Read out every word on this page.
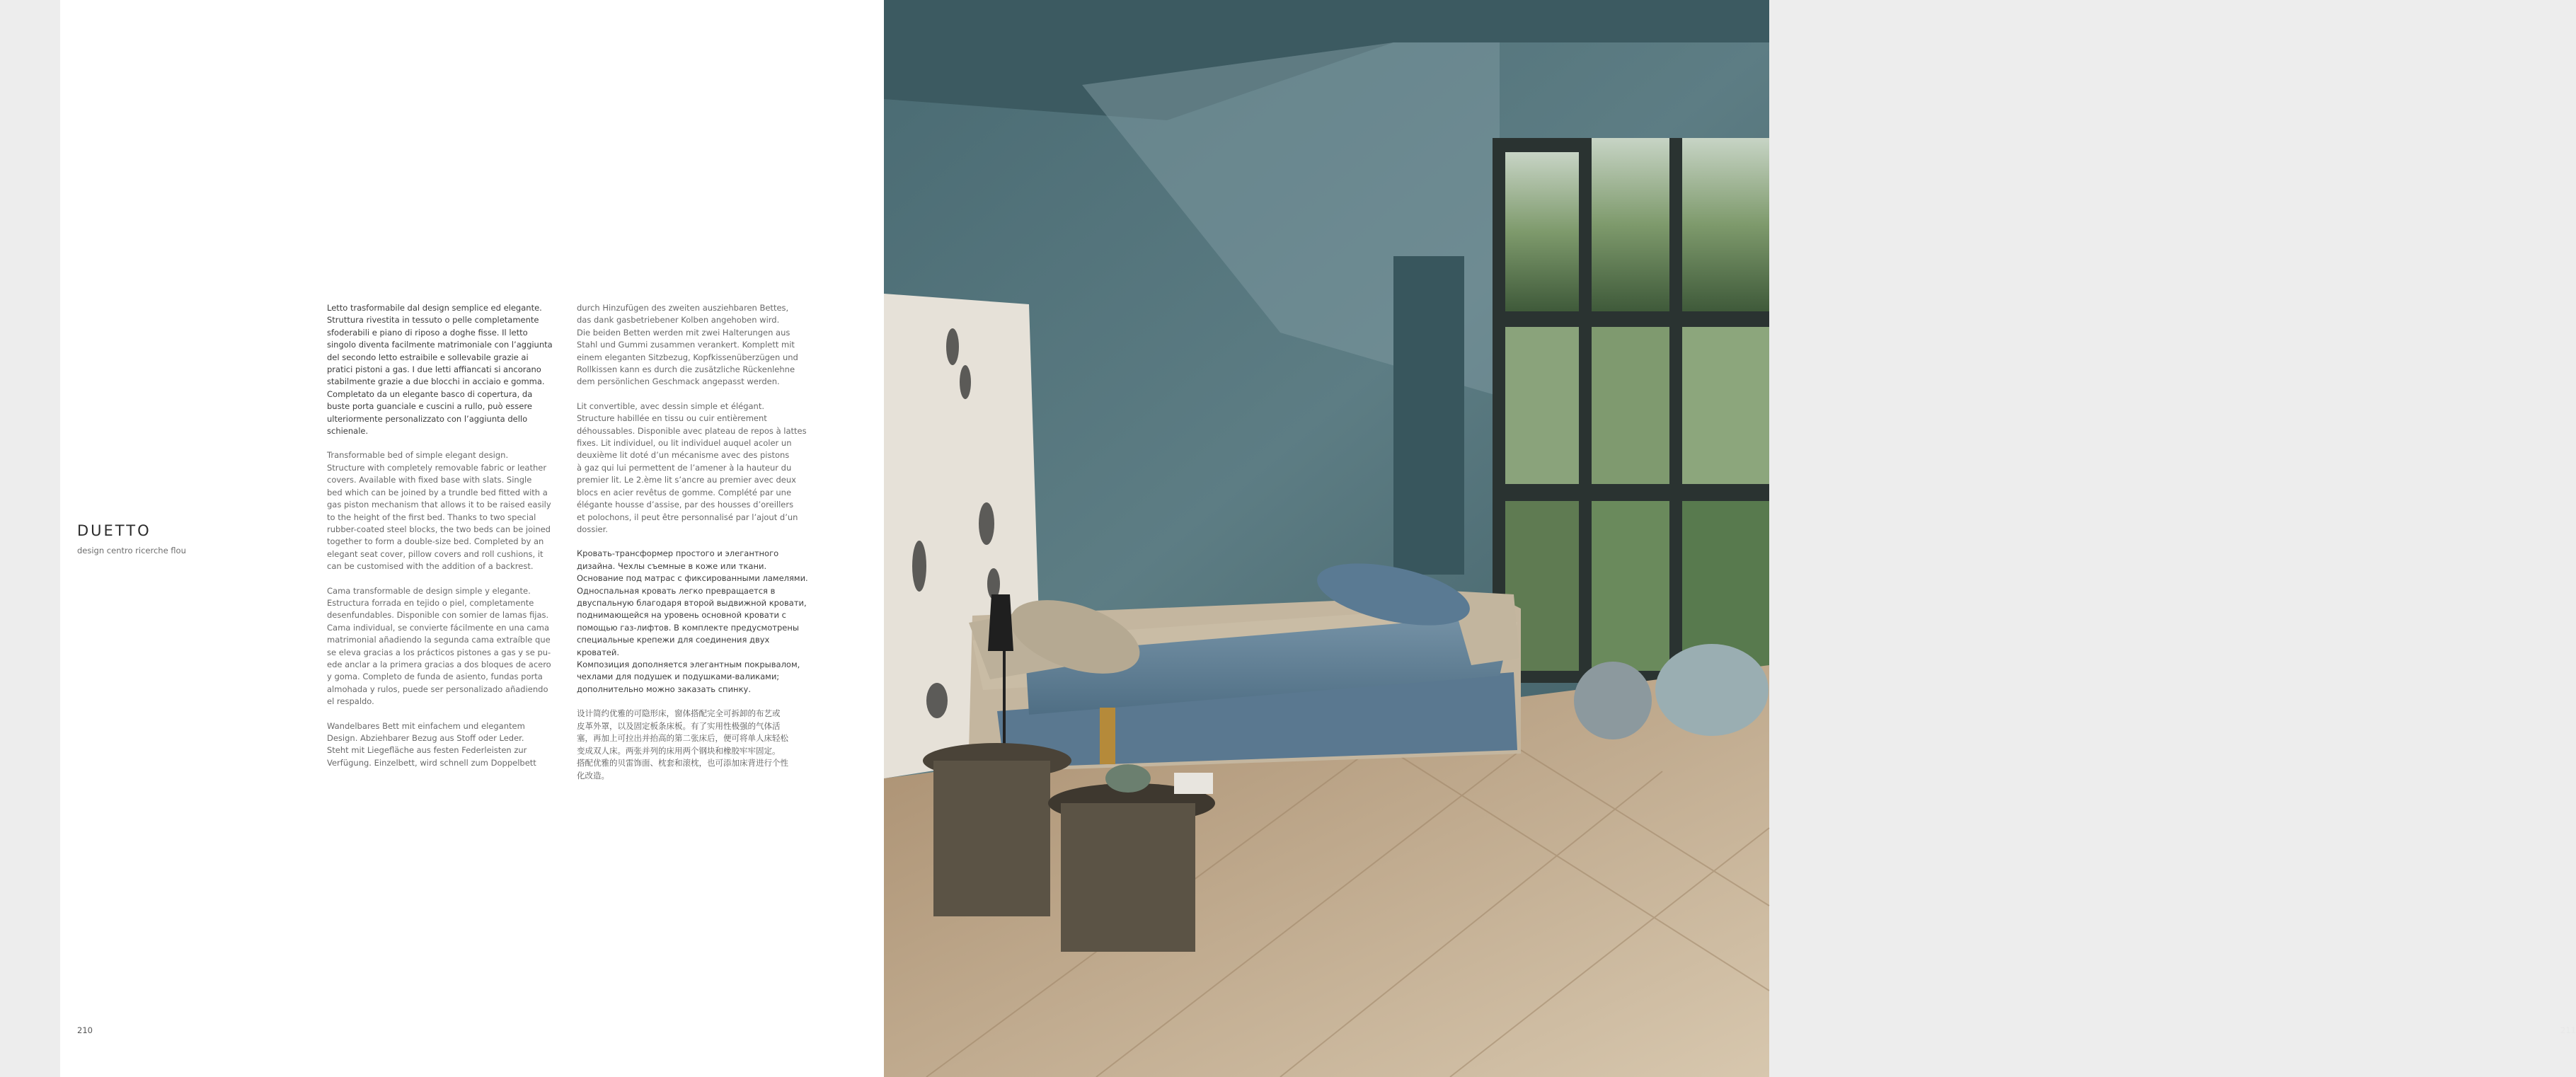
DUETTO
design centro ricerche flou

Letto trasformabile dal design semplice ed elegante.
Struttura rivestita in tessuto o pelle completamente
sfoderabili e piano di riposo a doghe fisse. Il letto
singolo diventa facilmente matrimoniale con l’aggiunta
del secondo letto estraibile e sollevabile grazie ai
pratici pistoni a gas. I due letti affiancati si ancorano
stabilmente grazie a due blocchi in acciaio e gomma.
Completato da un elegante basco di copertura, da
buste porta guanciale e cuscini a rullo, può essere
ulteriormente personalizzato con l’aggiunta dello
schienale.

Transformable bed of simple elegant design.
Structure with completely removable fabric or leather
covers. Available with fixed base with slats. Single
bed which can be joined by a trundle bed fitted with a
gas piston mechanism that allows it to be raised easily
to the height of the first bed. Thanks to two special
rubber-coated steel blocks, the two beds can be joined
together to form a double-size bed. Completed by an
elegant seat cover, pillow covers and roll cushions, it
can be customised with the addition of a backrest.

Cama transformable de design simple y elegante.
Estructura forrada en tejido o piel, completamente
desenfundables. Disponible con somier de lamas fijas.
Cama individual, se convierte fácilmente en una cama
matrimonial añadiendo la segunda cama extraíble que
se eleva gracias a los prácticos pistones a gas y se pu-
ede anclar a la primera gracias a dos bloques de acero
y goma. Completo de funda de asiento, fundas porta
almohada y rulos, puede ser personalizado añadiendo
el respaldo.

Wandelbares Bett mit einfachem und elegantem
Design. Abziehbarer Bezug aus Stoff oder Leder.
Steht mit Liegefläche aus festen Federleisten zur
Verfügung. Einzelbett, wird schnell zum Doppelbett

durch Hinzufügen des zweiten ausziehbaren Bettes,
das dank gasbetriebener Kolben angehoben wird.
Die beiden Betten werden mit zwei Halterungen aus
Stahl und Gummi zusammen verankert. Komplett mit
einem eleganten Sitzbezug, Kopfkissenüberzügen und
Rollkissen kann es durch die zusätzliche Rückenlehne
dem persönlichen Geschmack angepasst werden.

Lit convertible, avec dessin simple et élégant.
Structure habillée en tissu ou cuir entièrement
déhoussables. Disponible avec plateau de repos à lattes
fixes. Lit individuel, ou lit individuel auquel acoler un
deuxième lit doté d’un mécanisme avec des pistons
à gaz qui lui permettent de l’amener à la hauteur du
premier lit. Le 2.ème lit s’ancre au premier avec deux
blocs en acier revêtus de gomme. Complété par une
élégante housse d’assise, par des housses d’oreillers
et polochons, il peut être personnalisé par l’ajout d’un
dossier.

Кровать-трансформер простого и элегантного
дизайна. Чехлы съемные в коже или ткани.
Основание под матрас с фиксированными ламелями.
Односпальная кровать легко превращается в
двуспальную благодаря второй выдвижной кровати,
поднимающейся на уровень основной кровати с
помощью газ-лифтов. В комплекте предусмотрены
специальные крепежи для соединения двух кроватей.
Композиция дополняется элегантным покрывалом,
чехлами для подушек и подушками-валиками;
дополнительно можно заказать спинку.

设计简约优雅的可隐形床，窗体搭配完全可拆卸的布艺或
皮革外罩，以及固定板条床板。有了实用性极强的气体活
塞，再加上可拉出并抬高的第二张床后，便可将单人床轻松
变成双人床。两张并列的床用两个钢块和橡胶牢牢固定。
搭配优雅的贝雷饰面、枕套和滚枕，也可添加床背进行个性
化改造。

210	211
